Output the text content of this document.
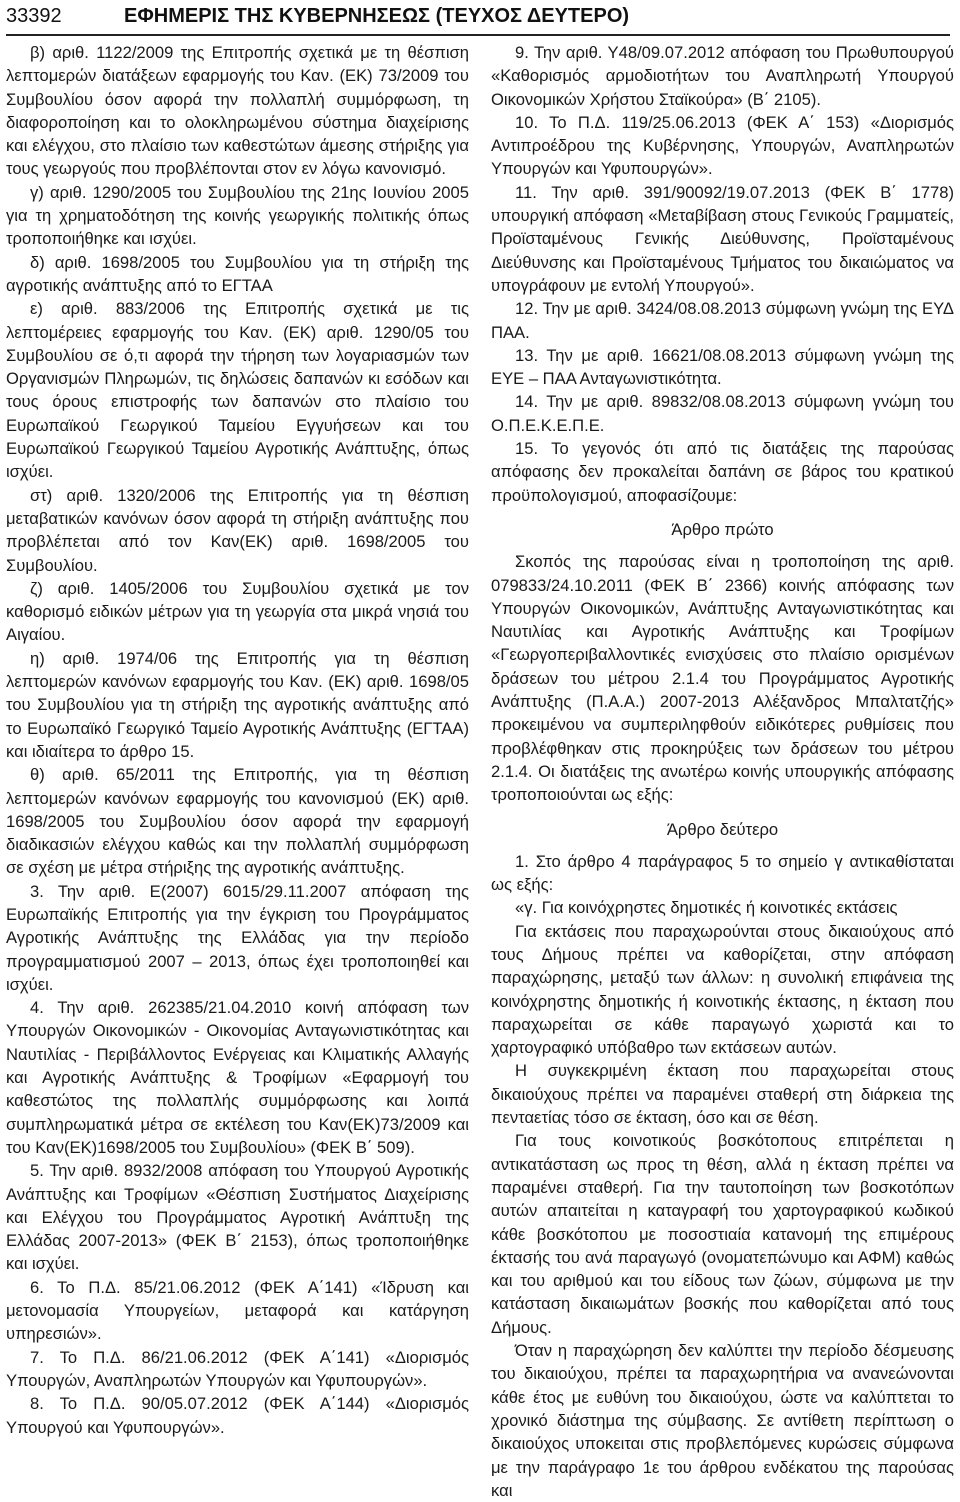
33392	ΕΦΗΜΕΡΙΣ ΤΗΣ ΚΥΒΕΡΝΗΣΕΩΣ (ΤΕΥΧΟΣ ΔΕΥΤΕΡΟ)

β) αριθ. 1122/2009 της Επιτροπής σχετικά με τη θέσπιση λεπτομερών διατάξεων εφαρμογής του Καν. (ΕΚ) 73/2009 του Συμβουλίου όσον αφορά την πολλαπλή συμμόρφωση, τη διαφοροποίηση και το ολοκληρωμένου σύστημα διαχείρισης και ελέγχου, στο πλαίσιο των καθεστώτων άμεσης στήριξης για τους γεωργούς που προβλέπονται στον εν λόγω κανονισμό.

γ) αριθ. 1290/2005 του Συμβουλίου της 21ης Ιουνίου 2005 για τη χρηματοδότηση της κοινής γεωργικής πολιτικής όπως τροποποιήθηκε και ισχύει.

δ) αριθ. 1698/2005 του Συμβουλίου για τη στήριξη της αγροτικής ανάπτυξης από το ΕΓΤΑΑ

ε) αριθ. 883/2006 της Επιτροπής σχετικά με τις λεπτομέρειες εφαρμογής του Καν. (ΕΚ) αριθ. 1290/05 του Συμβουλίου σε ό,τι αφορά την τήρηση των λογαριασμών των Οργανισμών Πληρωμών, τις δηλώσεις δαπανών κι εσόδων και τους όρους επιστροφής των δαπανών στο πλαίσιο του Ευρωπαϊκού Γεωργικού Ταμείου Εγγυήσεων και του Ευρωπαϊκού Γεωργικού Ταμείου Αγροτικής Ανάπτυξης, όπως ισχύει.

στ) αριθ. 1320/2006 της Επιτροπής για τη θέσπιση μεταβατικών κανόνων όσον αφορά τη στήριξη ανάπτυξης που προβλέπεται από τον Καν(ΕΚ) αριθ. 1698/2005 του Συμβουλίου.

ζ) αριθ. 1405/2006 του Συμβουλίου σχετικά με τον καθορισμό ειδικών μέτρων για τη γεωργία στα μικρά νησιά του Αιγαίου.

η) αριθ. 1974/06 της Επιτροπής για τη θέσπιση λεπτομερών κανόνων εφαρμογής του Καν. (ΕΚ) αριθ. 1698/05 του Συμβουλίου για τη στήριξη της αγροτικής ανάπτυξης από το Ευρωπαϊκό Γεωργικό Ταμείο Αγροτικής Ανάπτυξης (ΕΓΤΑΑ) και ιδιαίτερα το άρθρο 15.

θ) αριθ. 65/2011 της Επιτροπής, για τη θέσπιση λεπτομερών κανόνων εφαρμογής του κανονισμού (ΕΚ) αριθ. 1698/2005 του Συμβουλίου όσον αφορά την εφαρμογή διαδικασιών ελέγχου καθώς και την πολλαπλή συμμόρφωση σε σχέση με μέτρα στήριξης της αγροτικής ανάπτυξης.

3. Την αριθ. Ε(2007) 6015/29.11.2007 απόφαση της Ευρωπαϊκής Επιτροπής για την έγκριση του Προγράμματος Αγροτικής Ανάπτυξης της Ελλάδας για την περίοδο προγραμματισμού 2007 – 2013, όπως έχει τροποποιηθεί και ισχύει.

4. Την αριθ. 262385/21.04.2010 κοινή απόφαση των Υπουργών Οικονομικών - Οικονομίας Ανταγωνιστικότητας και Ναυτιλίας - Περιβάλλοντος Ενέργειας και Κλιματικής Αλλαγής και Αγροτικής Ανάπτυξης & Τροφίμων «Εφαρμογή του καθεστώτος της πολλαπλής συμμόρφωσης και λοιπά συμπληρωματικά μέτρα σε εκτέλεση του Καν(ΕΚ)73/2009 και του Καν(ΕΚ)1698/2005 του Συμβουλίου» (ΦΕΚ Β΄ 509).

5. Την αριθ. 8932/2008 απόφαση του Υπουργού Αγροτικής Ανάπτυξης και Τροφίμων «Θέσπιση Συστήματος Διαχείρισης και Ελέγχου του Προγράμματος Αγροτική Ανάπτυξη της Ελλάδας 2007-2013» (ΦΕΚ Β΄ 2153), όπως τροποποιήθηκε και ισχύει.

6. Το Π.Δ. 85/21.06.2012 (ΦΕΚ Α΄141) «Ίδρυση και μετονομασία Υπουργείων, μεταφορά και κατάργηση υπηρεσιών».

7. Το Π.Δ. 86/21.06.2012 (ΦΕΚ Α΄141) «Διορισμός Υπουργών, Αναπληρωτών Υπουργών και Υφυπουργών».

8. Το Π.Δ. 90/05.07.2012 (ΦΕΚ Α΄144) «Διορισμός Υπουργού και Υφυπουργών».

9. Την αριθ. Υ48/09.07.2012 απόφαση του Πρωθυπουργού «Καθορισμός αρμοδιοτήτων του Αναπληρωτή Υπουργού Οικονομικών Χρήστου Σταϊκούρα» (Β΄ 2105).

10. Το Π.Δ. 119/25.06.2013 (ΦΕΚ Α΄ 153) «Διορισμός Αντιπροέδρου της Κυβέρνησης, Υπουργών, Αναπληρωτών Υπουργών και Υφυπουργών».

11. Την αριθ. 391/90092/19.07.2013 (ΦΕΚ Β΄ 1778) υπουργική απόφαση «Μεταβίβαση στους Γενικούς Γραμματείς, Προϊσταμένους Γενικής Διεύθυνσης, Προϊσταμένους Διεύθυνσης και Προϊσταμένους Τμήματος του δικαιώματος να υπογράφουν με εντολή Υπουργού».

12. Την με αριθ. 3424/08.08.2013 σύμφωνη γνώμη της ΕΥΔ ΠΑΑ.

13. Την με αριθ. 16621/08.08.2013 σύμφωνη γνώμη της ΕΥΕ – ΠΑΑ Ανταγωνιστικότητα.

14. Την με αριθ. 89832/08.08.2013 σύμφωνη γνώμη του Ο.Π.Ε.Κ.Ε.Π.Ε.

15. Το γεγονός ότι από τις διατάξεις της παρούσας απόφασης δεν προκαλείται δαπάνη σε βάρος του κρατικού προϋπολογισμού, αποφασίζουμε:

Άρθρο πρώτο

Σκοπός της παρούσας είναι η τροποποίηση της αριθ. 079833/24.10.2011 (ΦΕΚ Β΄ 2366) κοινής απόφασης των Υπουργών Οικονομικών, Ανάπτυξης Ανταγωνιστικότητας και Ναυτιλίας και Αγροτικής Ανάπτυξης και Τροφίμων «Γεωργοπεριβαλλοντικές ενισχύσεις στο πλαίσιο ορισμένων δράσεων του μέτρου 2.1.4 του Προγράμματος Αγροτικής Ανάπτυξης (Π.Α.Α.) 2007-2013 Αλέξανδρος Μπαλτατζής» προκειμένου να συμπεριληφθούν ειδικότερες ρυθμίσεις που προβλέφθηκαν στις προκηρύξεις των δράσεων του μέτρου 2.1.4. Οι διατάξεις της ανωτέρω κοινής υπουργικής απόφασης τροποποιούνται ως εξής:

Άρθρο δεύτερο

1. Στο άρθρο 4 παράγραφος 5 το σημείο γ αντικαθίσταται ως εξής:

«γ. Για κοινόχρηστες δημοτικές ή κοινοτικές εκτάσεις

Για εκτάσεις που παραχωρούνται στους δικαιούχους από τους Δήμους πρέπει να καθορίζεται, στην απόφαση παραχώρησης, μεταξύ των άλλων: η συνολική επιφάνεια της κοινόχρηστης δημοτικής ή κοινοτικής έκτασης, η έκταση που παραχωρείται σε κάθε παραγωγό χωριστά και το χαρτογραφικό υπόβαθρο των εκτάσεων αυτών.

Η συγκεκριμένη έκταση που παραχωρείται στους δικαιούχους πρέπει να παραμένει σταθερή στη διάρκεια της πενταετίας τόσο σε έκταση, όσο και σε θέση.

Για τους κοινοτικούς βοσκότοπους επιτρέπεται η αντικατάσταση ως προς τη θέση, αλλά η έκταση πρέπει να παραμένει σταθερή. Για την ταυτοποίηση των βοσκοτόπων αυτών απαιτείται η καταγραφή του χαρτογραφικού κωδικού κάθε βοσκότοπου με ποσοστιαία κατανομή της επιμέρους έκτασής του ανά παραγωγό (ονοματεπώνυμο και ΑΦΜ) καθώς και του αριθμού και του είδους των ζώων, σύμφωνα με την κατάσταση δικαιωμάτων βοσκής που καθορίζεται από τους Δήμους.

Όταν η παραχώρηση δεν καλύπτει την περίοδο δέσμευσης του δικαιούχου, πρέπει τα παραχωρητήρια να ανανεώνονται κάθε έτος με ευθύνη του δικαιούχου, ώστε να καλύπτεται το χρονικό διάστημα της σύμβασης. Σε αντίθετη περίπτωση ο δικαιούχος υποκειται στις προβλεπόμενες κυρώσεις σύμφωνα με την παράγραφο 1ε του άρθρου ενδέκατου της παρούσας και
